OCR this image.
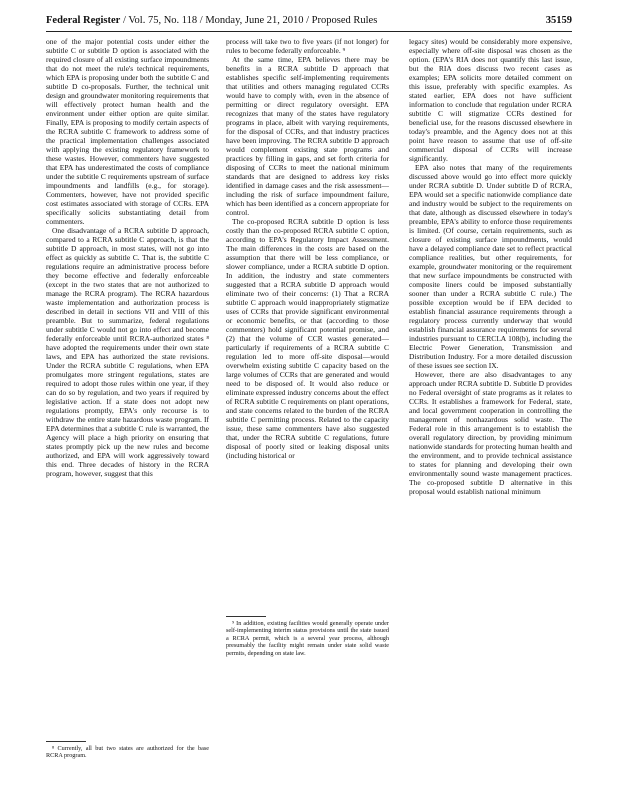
Federal Register / Vol. 75, No. 118 / Monday, June 21, 2010 / Proposed Rules	35159

one of the major potential costs under either the subtitle C or subtitle D option is associated with the required closure of all existing surface impoundments that do not meet the rule's technical requirements, which EPA is proposing under both the subtitle C and subtitle D co-proposals. Further, the technical unit design and groundwater monitoring requirements that will effectively protect human health and the environment under either option are quite similar. Finally, EPA is proposing to modify certain aspects of the RCRA subtitle C framework to address some of the practical implementation challenges associated with applying the existing regulatory framework to these wastes. However, commenters have suggested that EPA has underestimated the costs of compliance under the subtitle C requirements upstream of surface impoundments and landfills (e.g., for storage). Commenters, however, have not provided specific cost estimates associated with storage of CCRs. EPA specifically solicits substantiating detail from commenters.

One disadvantage of a RCRA subtitle D approach, compared to a RCRA subtitle C approach, is that the subtitle D approach, in most states, will not go into effect as quickly as subtitle C. That is, the subtitle C regulations require an administrative process before they become effective and federally enforceable (except in the two states that are not authorized to manage the RCRA program). The RCRA hazardous waste implementation and authorization process is described in detail in sections VII and VIII of this preamble. But to summarize, federal regulations under subtitle C would not go into effect and become federally enforceable until RCRA-authorized states ⁸ have adopted the requirements under their own state laws, and EPA has authorized the state revisions. Under the RCRA subtitle C regulations, when EPA promulgates more stringent regulations, states are required to adopt those rules within one year, if they can do so by regulation, and two years if required by legislative action. If a state does not adopt new regulations promptly, EPA's only recourse is to withdraw the entire state hazardous waste program. If EPA determines that a subtitle C rule is warranted, the Agency will place a high priority on ensuring that states promptly pick up the new rules and become authorized, and EPA will work aggressively toward this end. Three decades of history in the RCRA program, however, suggest that this

process will take two to five years (if not longer) for rules to become federally enforceable. ⁹

At the same time, EPA believes there may be benefits in a RCRA subtitle D approach that establishes specific self-implementing requirements that utilities and others managing regulated CCRs would have to comply with, even in the absence of permitting or direct regulatory oversight. EPA recognizes that many of the states have regulatory programs in place, albeit with varying requirements, for the disposal of CCRs, and that industry practices have been improving. The RCRA subtitle D approach would complement existing state programs and practices by filling in gaps, and set forth criteria for disposing of CCRs to meet the national minimum standards that are designed to address key risks identified in damage cases and the risk assessment—including the risk of surface impoundment failure, which has been identified as a concern appropriate for control.

The co-proposed RCRA subtitle D option is less costly than the co-proposed RCRA subtitle C option, according to EPA's Regulatory Impact Assessment. The main differences in the costs are based on the assumption that there will be less compliance, or slower compliance, under a RCRA subtitle D option. In addition, the industry and state commenters suggested that a RCRA subtitle D approach would eliminate two of their concerns: (1) That a RCRA subtitle C approach would inappropriately stigmatize uses of CCRs that provide significant environmental or economic benefits, or that (according to those commenters) hold significant potential promise, and (2) that the volume of CCR wastes generated—particularly if requirements of a RCRA subtitle C regulation led to more off-site disposal—would overwhelm existing subtitle C capacity based on the large volumes of CCRs that are generated and would need to be disposed of. It would also reduce or eliminate expressed industry concerns about the effect of RCRA subtitle C requirements on plant operations, and state concerns related to the burden of the RCRA subtitle C permitting process. Related to the capacity issue, these same commenters have also suggested that, under the RCRA subtitle C regulations, future disposal of poorly sited or leaking disposal units (including historical or

legacy sites) would be considerably more expensive, especially where off-site disposal was chosen as the option. (EPA's RIA does not quantify this last issue, but the RIA does discuss two recent cases as examples; EPA solicits more detailed comment on this issue, preferably with specific examples. As stated earlier, EPA does not have sufficient information to conclude that regulation under RCRA subtitle C will stigmatize CCRs destined for beneficial use, for the reasons discussed elsewhere in today's preamble, and the Agency does not at this point have reason to assume that use of off-site commercial disposal of CCRs will increase significantly.

EPA also notes that many of the requirements discussed above would go into effect more quickly under RCRA subtitle D. Under subtitle D of RCRA, EPA would set a specific nationwide compliance date and industry would be subject to the requirements on that date, although as discussed elsewhere in today's preamble, EPA's ability to enforce those requirements is limited. (Of course, certain requirements, such as closure of existing surface impoundments, would have a delayed compliance date set to reflect practical compliance realities, but other requirements, for example, groundwater monitoring or the requirement that new surface impoundments be constructed with composite liners could be imposed substantially sooner than under a RCRA subtitle C rule.) The possible exception would be if EPA decided to establish financial assurance requirements through a regulatory process currently underway that would establish financial assurance requirements for several industries pursuant to CERCLA 108(b), including the Electric Power Generation, Transmission and Distribution Industry. For a more detailed discussion of these issues see section IX.

However, there are also disadvantages to any approach under RCRA subtitle D. Subtitle D provides no Federal oversight of state programs as it relates to CCRs. It establishes a framework for Federal, state, and local government cooperation in controlling the management of nonhazardous solid waste. The Federal role in this arrangement is to establish the overall regulatory direction, by providing minimum nationwide standards for protecting human health and the environment, and to provide technical assistance to states for planning and developing their own environmentally sound waste management practices. The co-proposed subtitle D alternative in this proposal would establish national minimum

⁸ Currently, all but two states are authorized for the base RCRA program.

⁹ In addition, existing facilities would generally operate under self-implementing interim status provisions until the state issued a RCRA permit, which is a several year process, although presumably the facility might remain under state solid waste permits, depending on state law.
